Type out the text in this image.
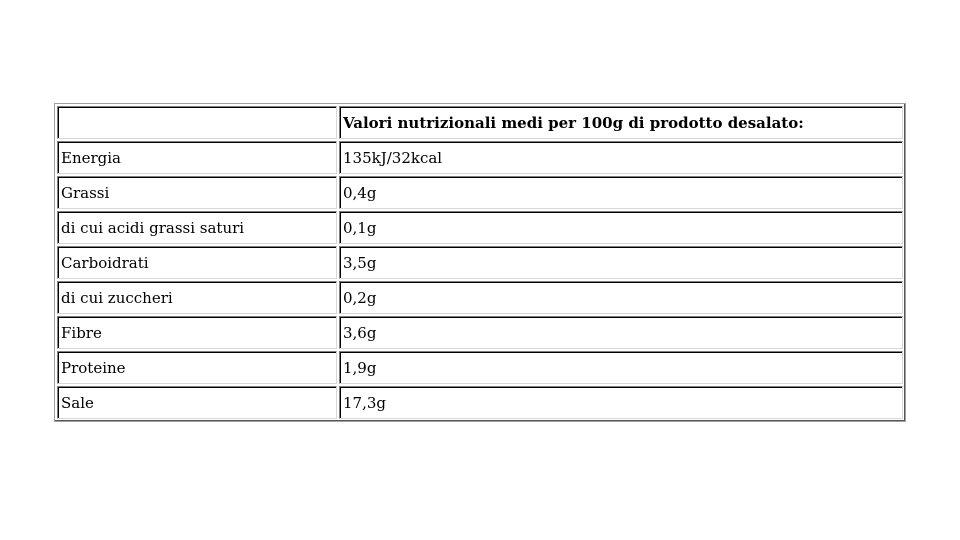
	Valori nutrizionali medi per 100g di prodotto desalato:
Energia	135kJ/32kcal
Grassi	0,4g
di cui acidi grassi saturi	0,1g
Carboidrati	3,5g
di cui zuccheri	0,2g
Fibre	3,6g
Proteine	1,9g
Sale	17,3g
